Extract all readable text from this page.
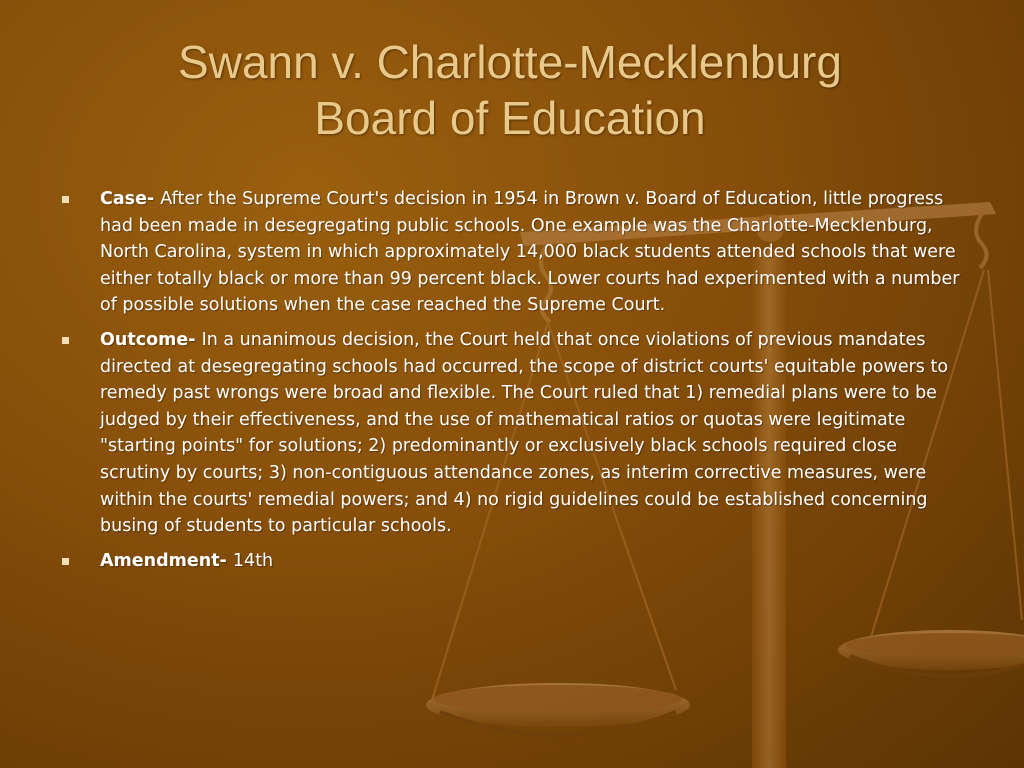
Swann v. Charlotte-Mecklenburg
Board of Education
Case- After the Supreme Court's decision in 1954 in Brown v. Board of Education, little progress had been made in desegregating public schools. One example was the Charlotte-Mecklenburg, North Carolina, system in which approximately 14,000 black students attended schools that were either totally black or more than 99 percent black. Lower courts had experimented with a number of possible solutions when the case reached the Supreme Court.
Outcome- In a unanimous decision, the Court held that once violations of previous mandates directed at desegregating schools had occurred, the scope of district courts' equitable powers to remedy past wrongs were broad and flexible. The Court ruled that 1) remedial plans were to be judged by their effectiveness, and the use of mathematical ratios or quotas were legitimate "starting points" for solutions; 2) predominantly or exclusively black schools required close scrutiny by courts; 3) non-contiguous attendance zones, as interim corrective measures, were within the courts' remedial powers; and 4) no rigid guidelines could be established concerning busing of students to particular schools.
Amendment- 14th
